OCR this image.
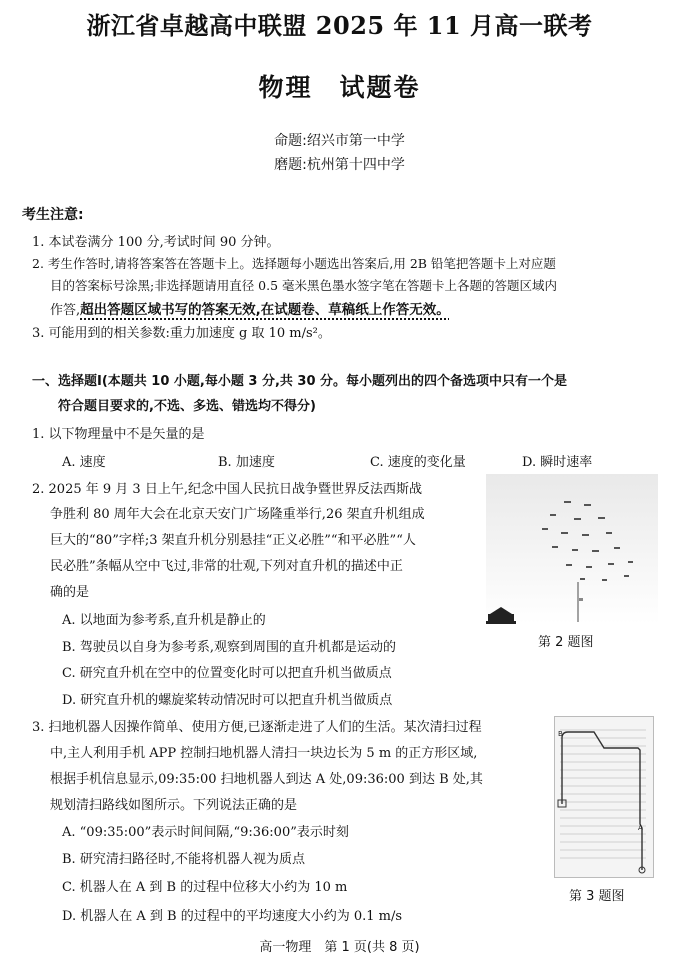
浙江省卓越高中联盟 2025 年 11 月高一联考
物理　试题卷
命题:绍兴市第一中学
磨题:杭州第十四中学
考生注意:
1. 本试卷满分 100 分,考试时间 90 分钟。
2. 考生作答时,请将答案答在答题卡上。选择题每小题选出答案后,用 2B 铅笔把答题卡上对应题
目的答案标号涂黑;非选择题请用直径 0.5 毫米黑色墨水签字笔在答题卡上各题的答题区域内
作答,超出答题区域书写的答案无效,在试题卷、草稿纸上作答无效。
3. 可能用到的相关参数:重力加速度 g 取 10 m/s²。
一、选择题Ⅰ(本题共 10 小题,每小题 3 分,共 30 分。每小题列出的四个备选项中只有一个是
符合题目要求的,不选、多选、错选均不得分)
1. 以下物理量中不是矢量的是
A. 速度	B. 加速度	C. 速度的变化量	D. 瞬时速率
2. 2025 年 9 月 3 日上午,纪念中国人民抗日战争暨世界反法西斯战
争胜利 80 周年大会在北京天安门广场隆重举行,26 架直升机组成
巨大的“80”字样;3 架直升机分别悬挂“正义必胜”“和平必胜”“人
民必胜”条幅从空中飞过,非常的壮观,下列对直升机的描述中正
确的是
A. 以地面为参考系,直升机是静止的
B. 驾驶员以自身为参考系,观察到周围的直升机都是运动的
C. 研究直升机在空中的位置变化时可以把直升机当做质点
D. 研究直升机的螺旋桨转动情况时可以把直升机当做质点
第 2 题图
3. 扫地机器人因操作简单、使用方便,已逐渐走进了人们的生活。某次清扫过程
中,主人利用手机 APP 控制扫地机器人清扫一块边长为 5 m 的正方形区域,
根据手机信息显示,09:35:00 扫地机器人到达 A 处,09:36:00 到达 B 处,其
规划清扫路线如图所示。下列说法正确的是
A. “09:35:00”表示时间间隔,“9:36:00”表示时刻
B. 研究清扫路径时,不能将机器人视为质点
C. 机器人在 A 到 B 的过程中位移大小约为 10 m
D. 机器人在 A 到 B 的过程中的平均速度大小约为 0.1 m/s
B
A
第 3 题图
高一物理　第 1 页(共 8 页)
